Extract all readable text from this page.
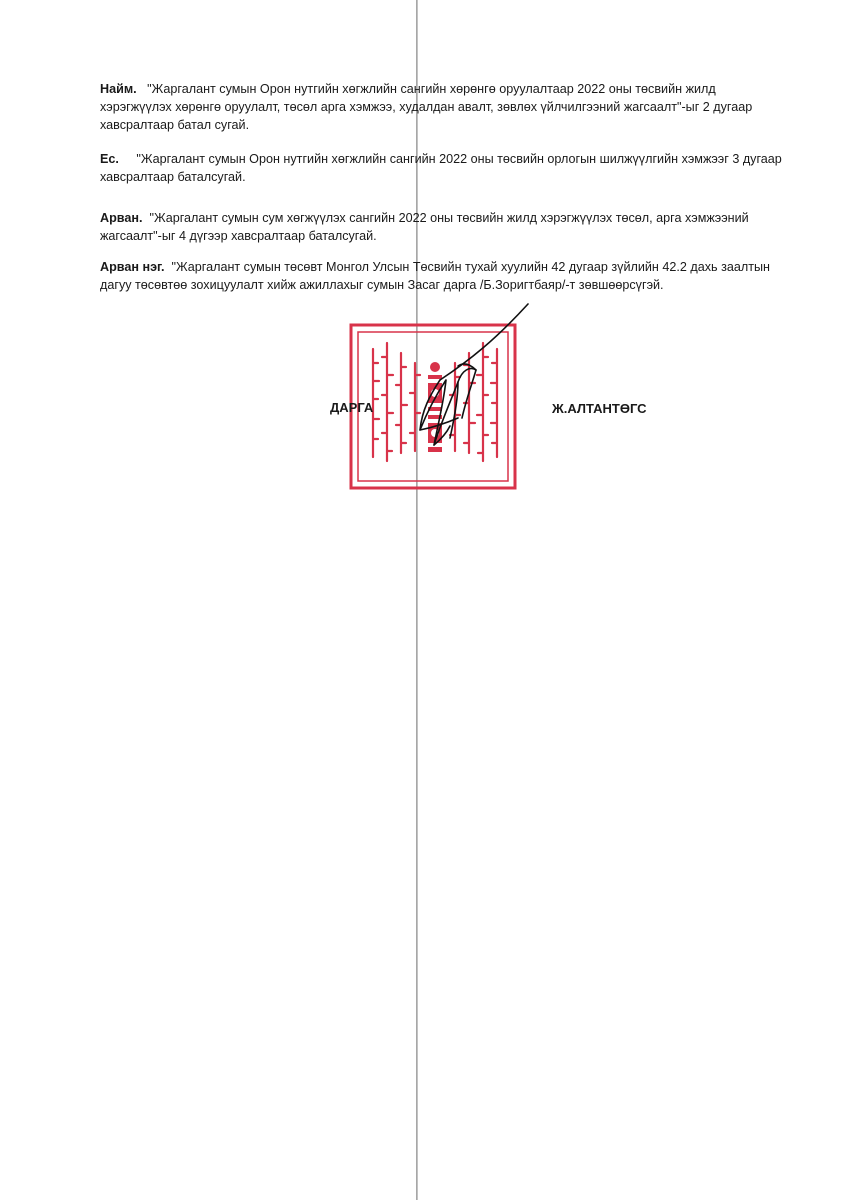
Найм. "Жаргалант сумын Орон нутгийн хөгжлийн сангийн хөрөнгө оруулалтаар 2022 оны төсвийн жилд хэрэгжүүлэх хөрөнгө оруулалт, төсөл арга хэмжээ, худалдан авалт, зөвлөх үйлчилгээний жагсаалт"-ыг 2 дугаар хавсралтаар батал сугай.

Ес. "Жаргалант сумын Орон нутгийн хөгжлийн сангийн 2022 оны төсвийн орлогын шилжүүлгийн хэмжээг 3 дугаар хавсралтаар баталсугай.

Арван. "Жаргалант сумын сум хөгжүүлэх сангийн 2022 оны төсвийн жилд хэрэгжүүлэх төсөл, арга хэмжээний жагсаалт"-ыг 4 дүгээр хавсралтаар баталсугай.

Арван нэг. "Жаргалант сумын төсөвт Монгол Улсын Төсвийн тухай хуулийн 42 дугаар зүйлийн 42.2 дахь заалтын дагуу төсөвтөө зохицуулалт хийж ажиллахыг сумын Засаг дарга /Б.Зоригтбаяр/-т зөвшөөрсүгэй.

ДАРГА	Ж.АЛТАНТӨГС
